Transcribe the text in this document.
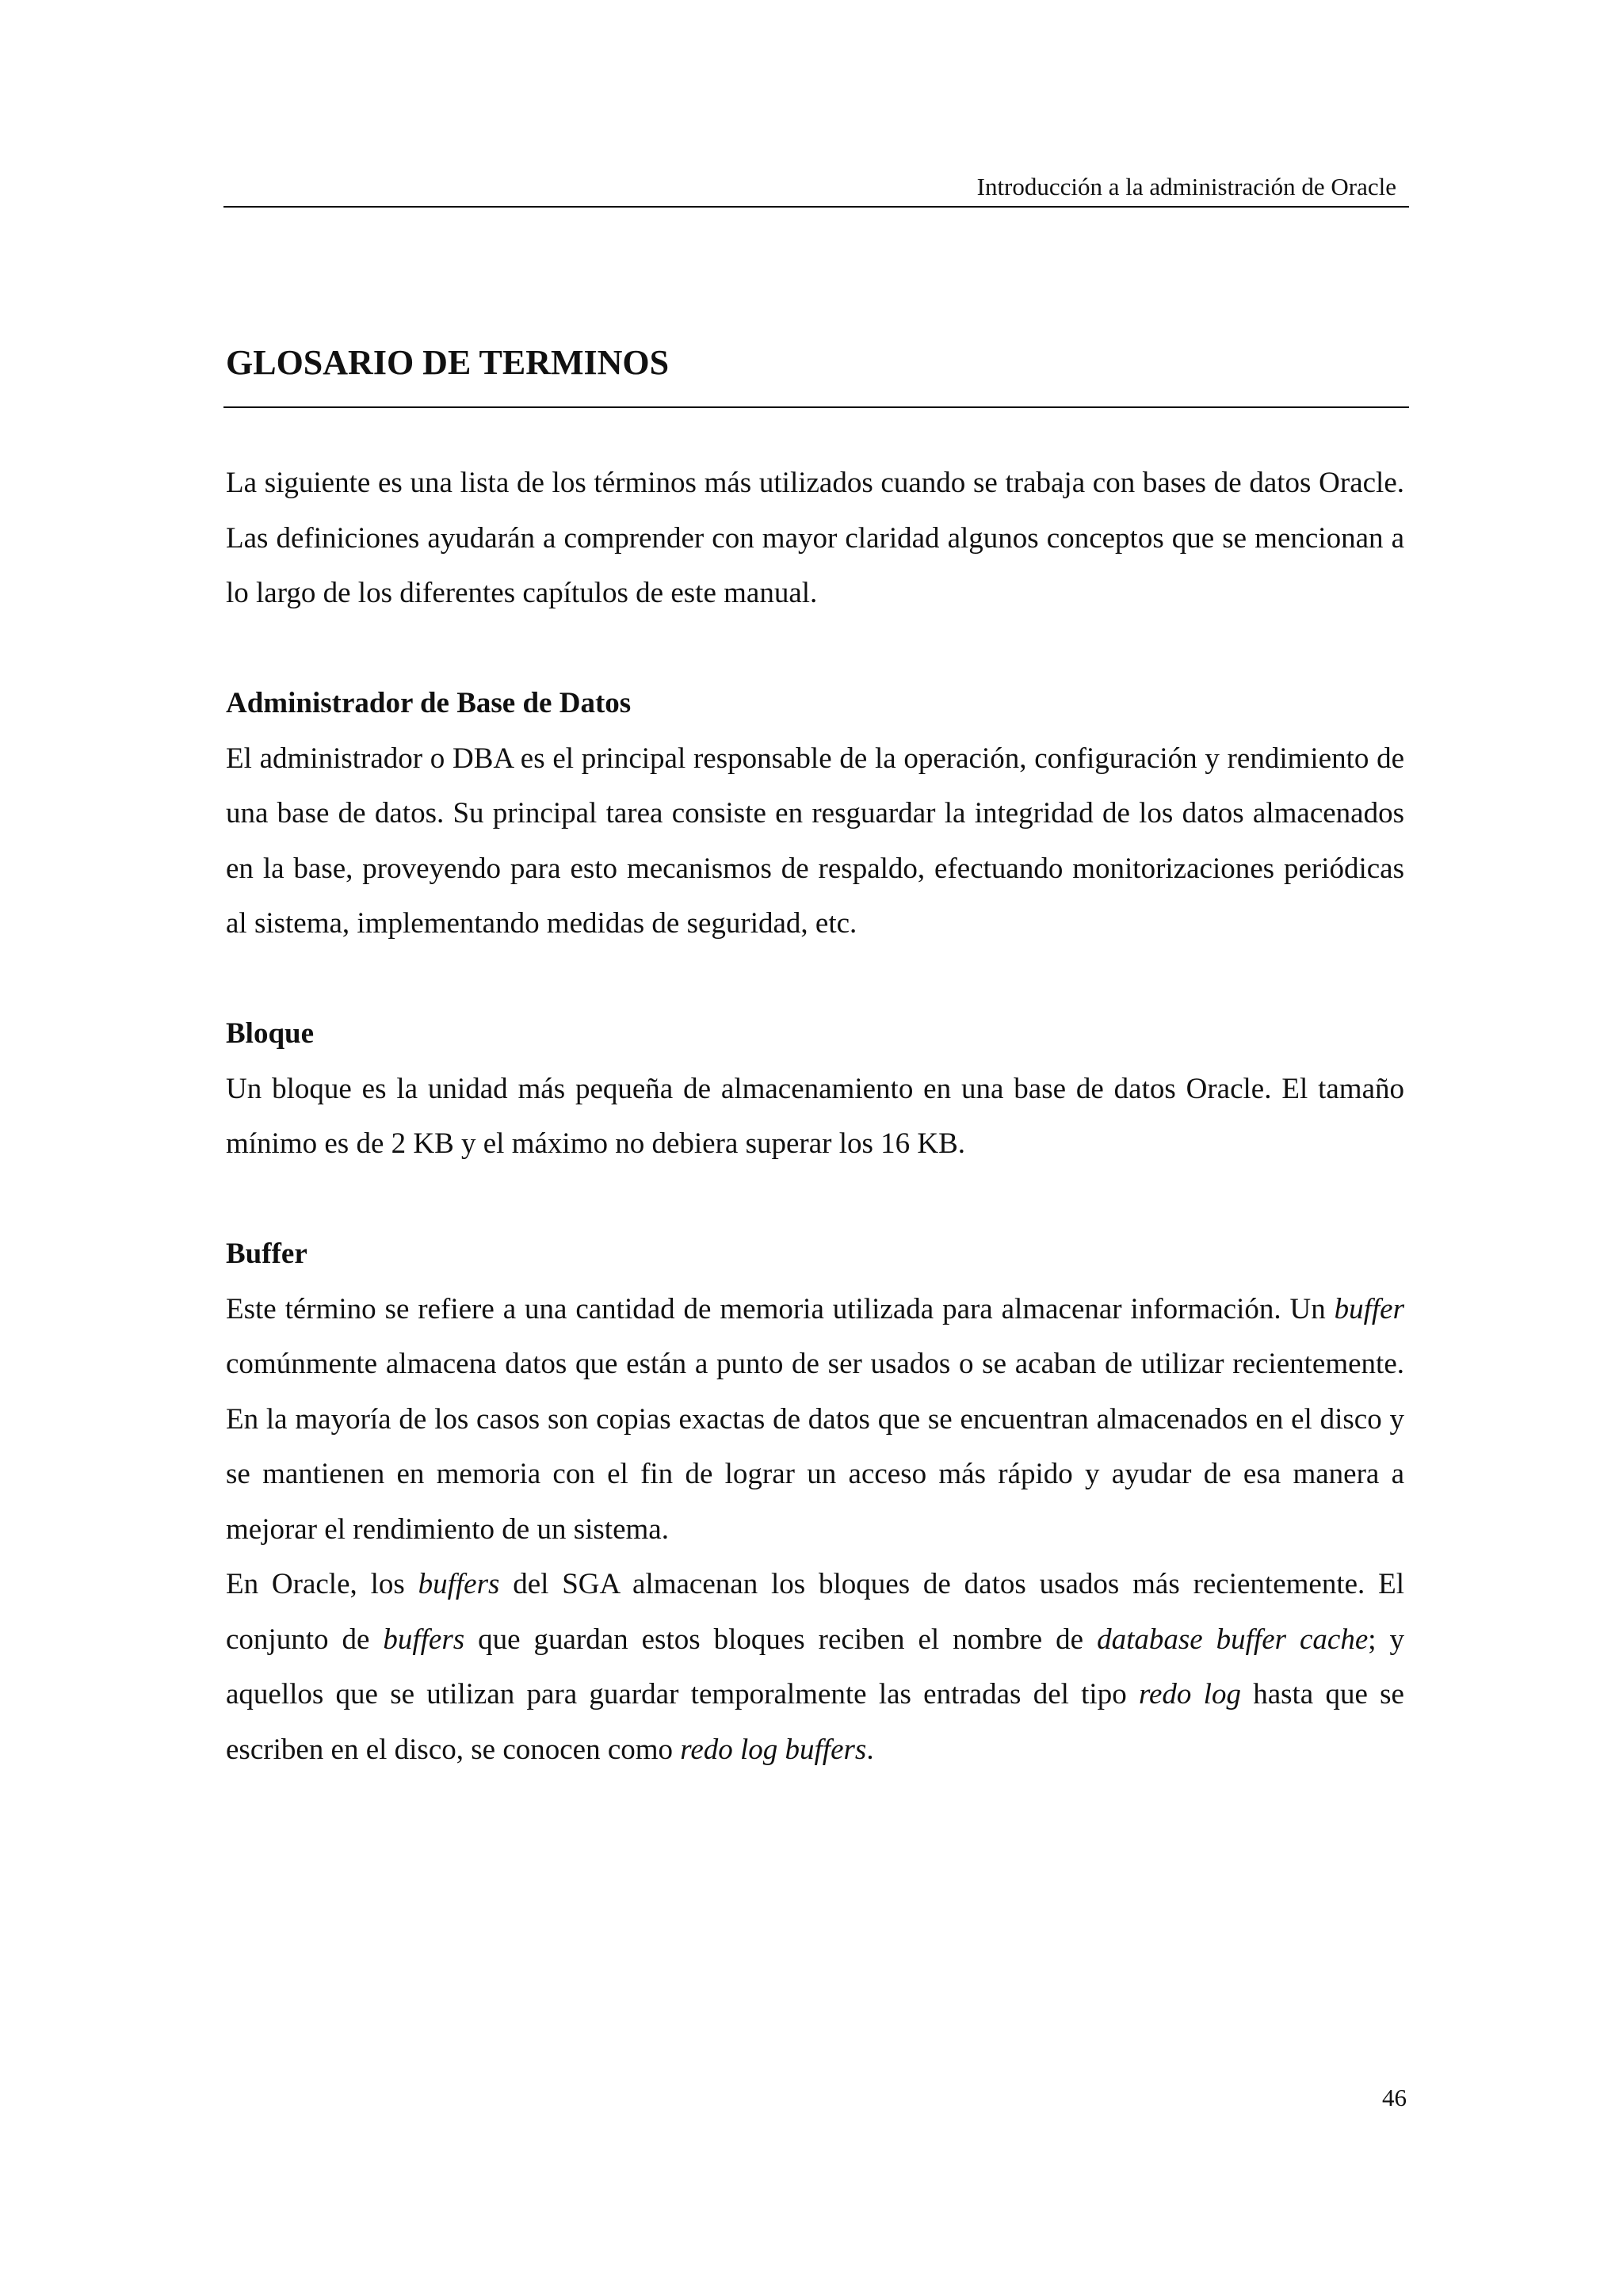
Introducción a la administración de Oracle
GLOSARIO DE TERMINOS

La siguiente es una lista de los términos más utilizados cuando se trabaja con bases de datos Oracle. Las definiciones ayudarán a comprender con mayor claridad algunos conceptos que se mencionan a lo largo de los diferentes capítulos de este manual.

Administrador de Base de Datos

El administrador o DBA es el principal responsable de la operación, configuración y rendimiento de una base de datos. Su principal tarea consiste en resguardar la integridad de los datos almacenados en la base, proveyendo para esto mecanismos de respaldo, efectuando monitorizaciones periódicas al sistema, implementando medidas de seguridad, etc.

Bloque

Un bloque es la unidad más pequeña de almacenamiento en una base de datos Oracle. El tamaño mínimo es de 2 KB y el máximo no debiera superar los 16 KB.

Buffer

Este término se refiere a una cantidad de memoria utilizada para almacenar información. Un buffer comúnmente almacena datos que están a punto de ser usados o se acaban de utilizar recientemente. En la mayoría de los casos son copias exactas de datos que se encuentran almacenados en el disco y se mantienen en memoria con el fin de lograr un acceso más rápido y ayudar de esa manera a mejorar el rendimiento de un sistema.

En Oracle, los buffers del SGA almacenan los bloques de datos usados más recientemente. El conjunto de buffers que guardan estos bloques reciben el nombre de database buffer cache; y aquellos que se utilizan para guardar temporalmente las entradas del tipo redo log hasta que se escriben en el disco, se conocen como redo log buffers.

46
